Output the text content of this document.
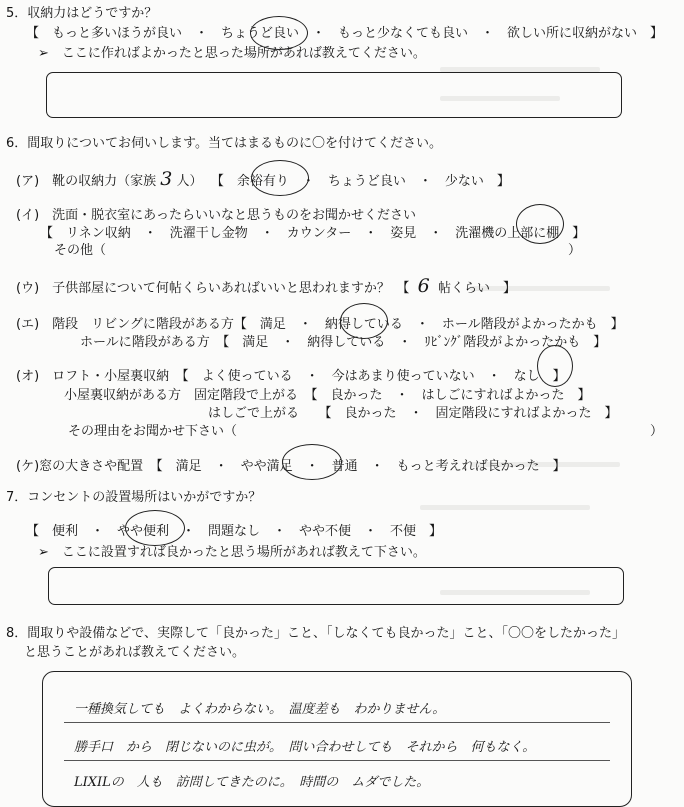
5．収納力はどうですか？
【　もっと多いほうが良い　・　ちょうど良い　・　もっと少なくても良い　・　欲しい所に収納がない　】
➢　ここに作ればよかったと思った場所があれば教えてください。
6．間取りについてお伺いします。当てはまるものに〇を付けてください。
(ア)　靴の収納力（家族 3 人） 【　余裕有り　・　ちょうど良い　・　少ない　】
(イ)　洗面・脱衣室にあったらいいなと思うものをお聞かせください
【　リネン収納　・　洗濯干し金物　・　カウンター　・　姿見　・　洗濯機の上部に棚　】
その他（	）
(ウ)　子供部屋について何帖くらいあればいいと思われますか？　【 6 帖くらい　】
(エ)　階段　リビングに階段がある方【　満足　・　納得している　・　ホール階段がよかったかも　】
ホールに階段がある方　【　満足　・　納得している　・　ﾘﾋﾞﾝｸﾞ階段がよかったかも　】
(オ)　ロフト・小屋裏収納　【　よく使っている　・　今はあまり使っていない　・　なし　】
小屋裏収納がある方　固定階段で上がる　【　良かった　・　はしごにすればよかった　】
はしごで上がる　　【　良かった　・　固定階段にすればよかった　】
その理由をお聞かせ下さい（	）
(ケ)窓の大きさや配置　【　満足　・　やや満足　・　普通　・　もっと考えれば良かった　】
7．コンセントの設置場所はいかがですか？
【　便利　・　やや便利　・　問題なし　・　やや不便　・　不便　】
➢　ここに設置すれば良かったと思う場所があれば教えて下さい。
8．間取りや設備などで、実際して「良かった」こと、「しなくても良かった」こと、「〇〇をしたかった」
と思うことがあれば教えてください。
一種換気しても　よくわからない。　温度差も　わかりません。
勝手口　から　閉じないのに虫が。　問い合わせしても　それから　何もなく。
LIXILの　人も　訪問してきたのに。　時間の　ムダでした。
